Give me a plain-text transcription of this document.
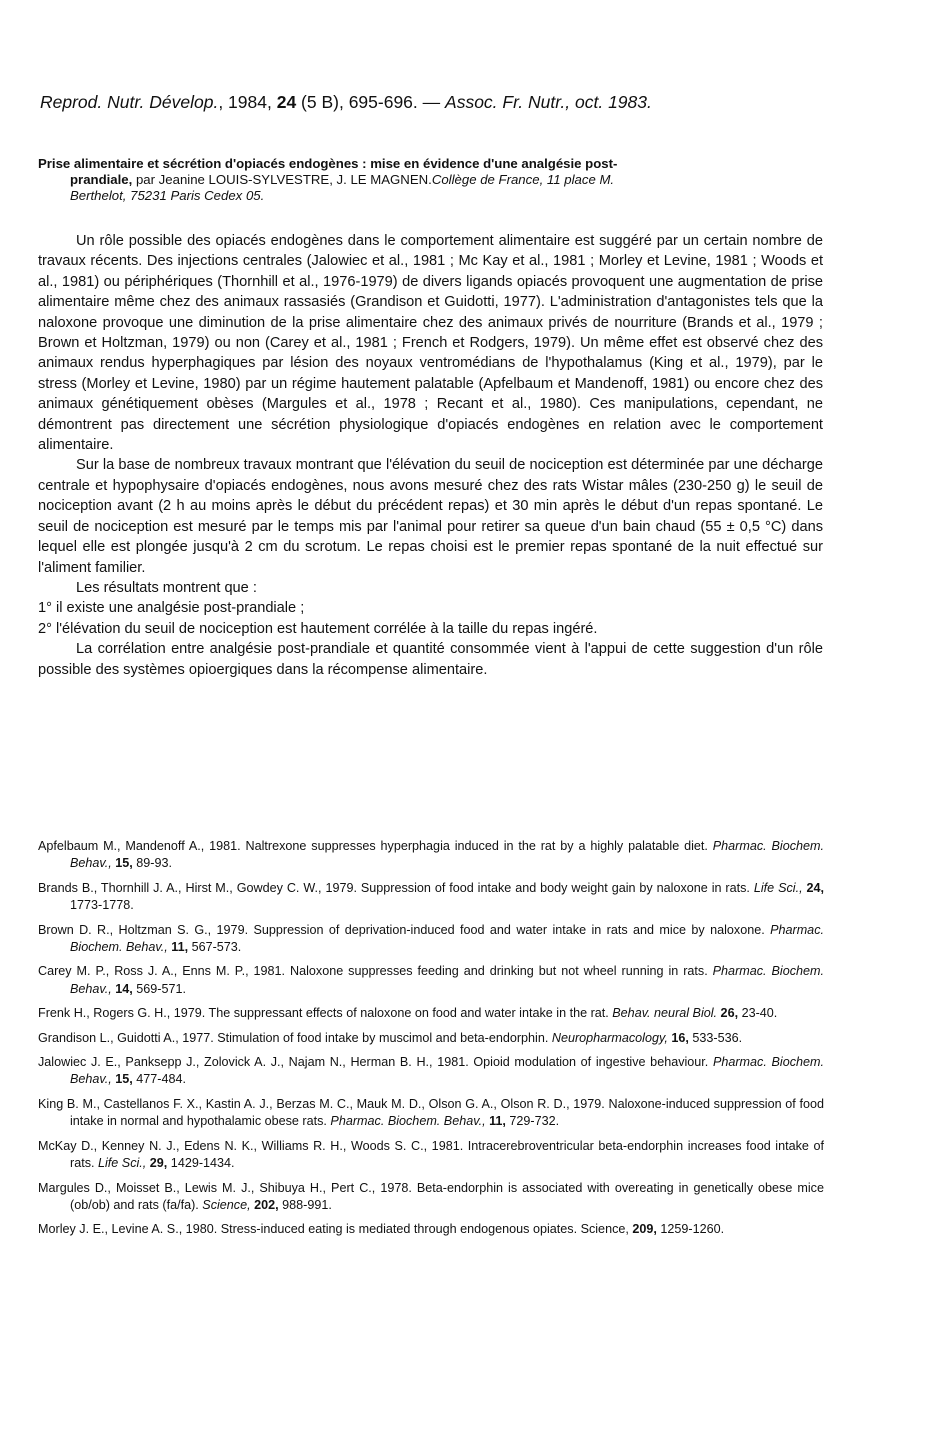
Reprod. Nutr. Dévelop., 1984, 24 (5 B), 695-696. — Assoc. Fr. Nutr., oct. 1983.
Prise alimentaire et sécrétion d'opiacés endogènes : mise en évidence d'une analgésie post-
prandiale, par Jeanine LOUIS-SYLVESTRE, J. LE MAGNEN.Collège de France, 11 place M.
Berthelot, 75231 Paris Cedex 05.

Un rôle possible des opiacés endogènes dans le comportement alimentaire est suggéré par un certain nombre de travaux récents. Des injections centrales (Jalowiec et al., 1981 ; Mc Kay et al., 1981 ; Morley et Levine, 1981 ; Woods et al., 1981) ou périphériques (Thornhill et al., 1976-1979) de divers ligands opiacés provoquent une augmentation de prise alimentaire même chez des animaux rassasiés (Grandison et Guidotti, 1977). L'administration d'antagonistes tels que la naloxone provoque une diminution de la prise alimentaire chez des animaux privés de nourriture (Brands et al., 1979 ; Brown et Holtzman, 1979) ou non (Carey et al., 1981 ; French et Rodgers, 1979). Un même effet est observé chez des animaux rendus hyperphagiques par lésion des noyaux ventromédians de l'hypothalamus (King et al., 1979), par le stress (Morley et Levine, 1980) par un régime hautement palatable (Apfelbaum et Mandenoff, 1981) ou encore chez des animaux génétiquement obèses (Margules et al., 1978 ; Recant et al., 1980). Ces manipulations, cependant, ne démontrent pas directement une sécrétion physiologique d'opiacés endogènes en relation avec le comportement alimentaire.

Sur la base de nombreux travaux montrant que l'élévation du seuil de nociception est déterminée par une décharge centrale et hypophysaire d'opiacés endogènes, nous avons mesuré chez des rats Wistar mâles (230-250 g) le seuil de nociception avant (2 h au moins après le début du précédent repas) et 30 min après le début d'un repas spontané. Le seuil de nociception est mesuré par le temps mis par l'animal pour retirer sa queue d'un bain chaud (55 ± 0,5 °C) dans lequel elle est plongée jusqu'à 2 cm du scrotum. Le repas choisi est le premier repas spontané de la nuit effectué sur l'aliment familier.

Les résultats montrent que :

1° il existe une analgésie post-prandiale ;

2° l'élévation du seuil de nociception est hautement corrélée à la taille du repas ingéré.

La corrélation entre analgésie post-prandiale et quantité consommée vient à l'appui de cette suggestion d'un rôle possible des systèmes opioergiques dans la récompense alimentaire.

Apfelbaum M., Mandenoff A., 1981. Naltrexone suppresses hyperphagia induced in the rat by a highly palatable diet. Pharmac. Biochem. Behav., 15, 89-93.

Brands B., Thornhill J. A., Hirst M., Gowdey C. W., 1979. Suppression of food intake and body weight gain by naloxone in rats. Life Sci., 24, 1773-1778.

Brown D. R., Holtzman S. G., 1979. Suppression of deprivation-induced food and water intake in rats and mice by naloxone. Pharmac. Biochem. Behav., 11, 567-573.

Carey M. P., Ross J. A., Enns M. P., 1981. Naloxone suppresses feeding and drinking but not wheel running in rats. Pharmac. Biochem. Behav., 14, 569-571.

Frenk H., Rogers G. H., 1979. The suppressant effects of naloxone on food and water intake in the rat. Behav. neural Biol. 26, 23-40.

Grandison L., Guidotti A., 1977. Stimulation of food intake by muscimol and beta-endorphin. Neuropharmacology, 16, 533-536.

Jalowiec J. E., Panksepp J., Zolovick A. J., Najam N., Herman B. H., 1981. Opioid modulation of ingestive behaviour. Pharmac. Biochem. Behav., 15, 477-484.

King B. M., Castellanos F. X., Kastin A. J., Berzas M. C., Mauk M. D., Olson G. A., Olson R. D., 1979. Naloxone-induced suppression of food intake in normal and hypothalamic obese rats. Pharmac. Biochem. Behav., 11, 729-732.

McKay D., Kenney N. J., Edens N. K., Williams R. H., Woods S. C., 1981. Intracerebroventricular beta-endorphin increases food intake of rats. Life Sci., 29, 1429-1434.

Margules D., Moisset B., Lewis M. J., Shibuya H., Pert C., 1978. Beta-endorphin is associated with overeating in genetically obese mice (ob/ob) and rats (fa/fa). Science, 202, 988-991.

Morley J. E., Levine A. S., 1980. Stress-induced eating is mediated through endogenous opiates. Science, 209, 1259-1260.
